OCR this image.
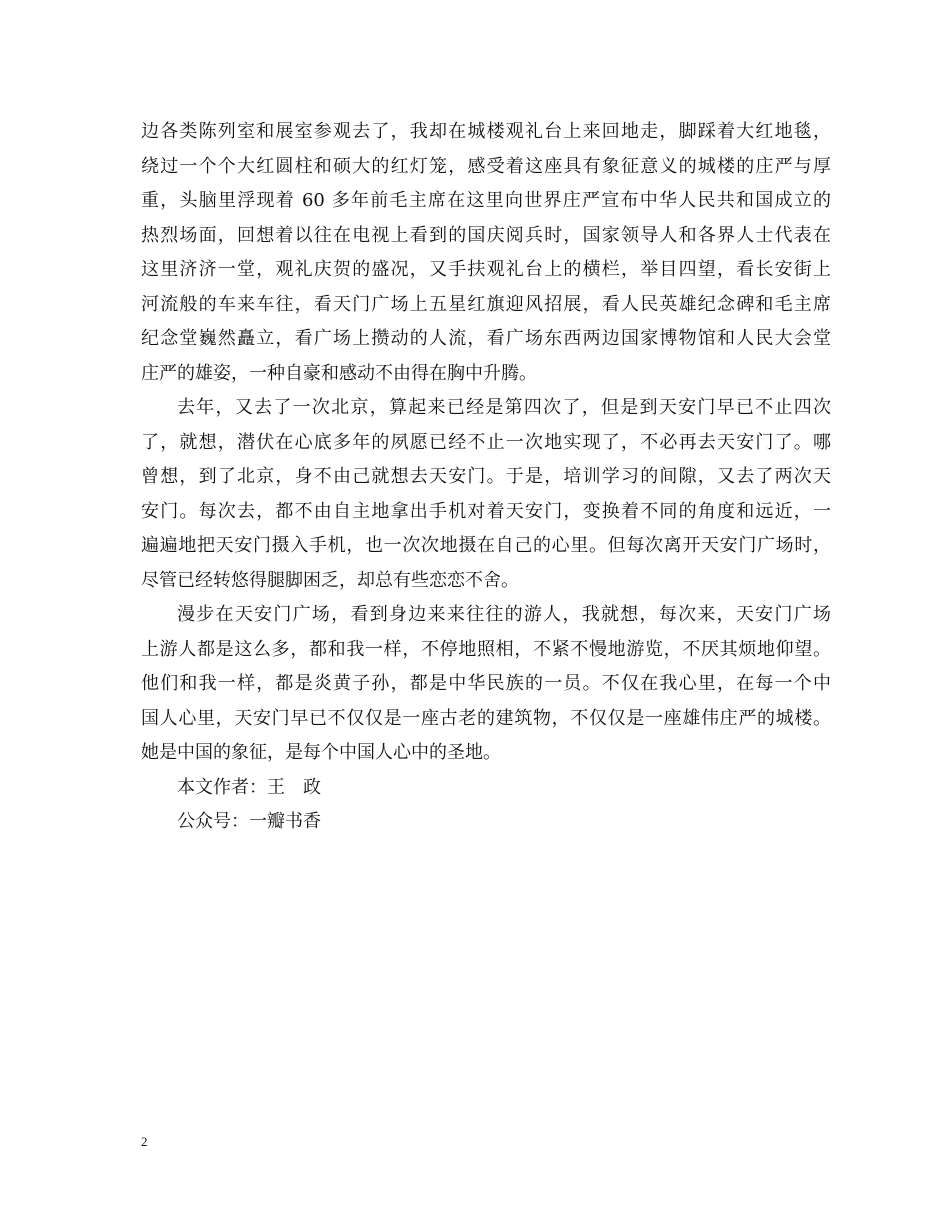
边各类陈列室和展室参观去了，我却在城楼观礼台上来回地走，脚踩着大红地毯，
绕过一个个大红圆柱和硕大的红灯笼，感受着这座具有象征意义的城楼的庄严与厚
重，头脑里浮现着 60 多年前毛主席在这里向世界庄严宣布中华人民共和国成立的
热烈场面，回想着以往在电视上看到的国庆阅兵时，国家领导人和各界人士代表在
这里济济一堂，观礼庆贺的盛况，又手扶观礼台上的横栏，举目四望，看长安街上
河流般的车来车往，看天门广场上五星红旗迎风招展，看人民英雄纪念碑和毛主席
纪念堂巍然矗立，看广场上攒动的人流，看广场东西两边国家博物馆和人民大会堂
庄严的雄姿，一种自豪和感动不由得在胸中升腾。
去年，又去了一次北京，算起来已经是第四次了，但是到天安门早已不止四次
了，就想，潜伏在心底多年的夙愿已经不止一次地实现了，不必再去天安门了。哪
曾想，到了北京，身不由己就想去天安门。于是，培训学习的间隙，又去了两次天
安门。每次去，都不由自主地拿出手机对着天安门，变换着不同的角度和远近，一
遍遍地把天安门摄入手机，也一次次地摄在自己的心里。但每次离开天安门广场时，
尽管已经转悠得腿脚困乏，却总有些恋恋不舍。
漫步在天安门广场，看到身边来来往往的游人，我就想，每次来，天安门广场
上游人都是这么多，都和我一样，不停地照相，不紧不慢地游览，不厌其烦地仰望。
他们和我一样，都是炎黄子孙，都是中华民族的一员。不仅在我心里，在每一个中
国人心里，天安门早已不仅仅是一座古老的建筑物，不仅仅是一座雄伟庄严的城楼。
她是中国的象征，是每个中国人心中的圣地。
本文作者：王　政
公众号：一瓣书香
2
